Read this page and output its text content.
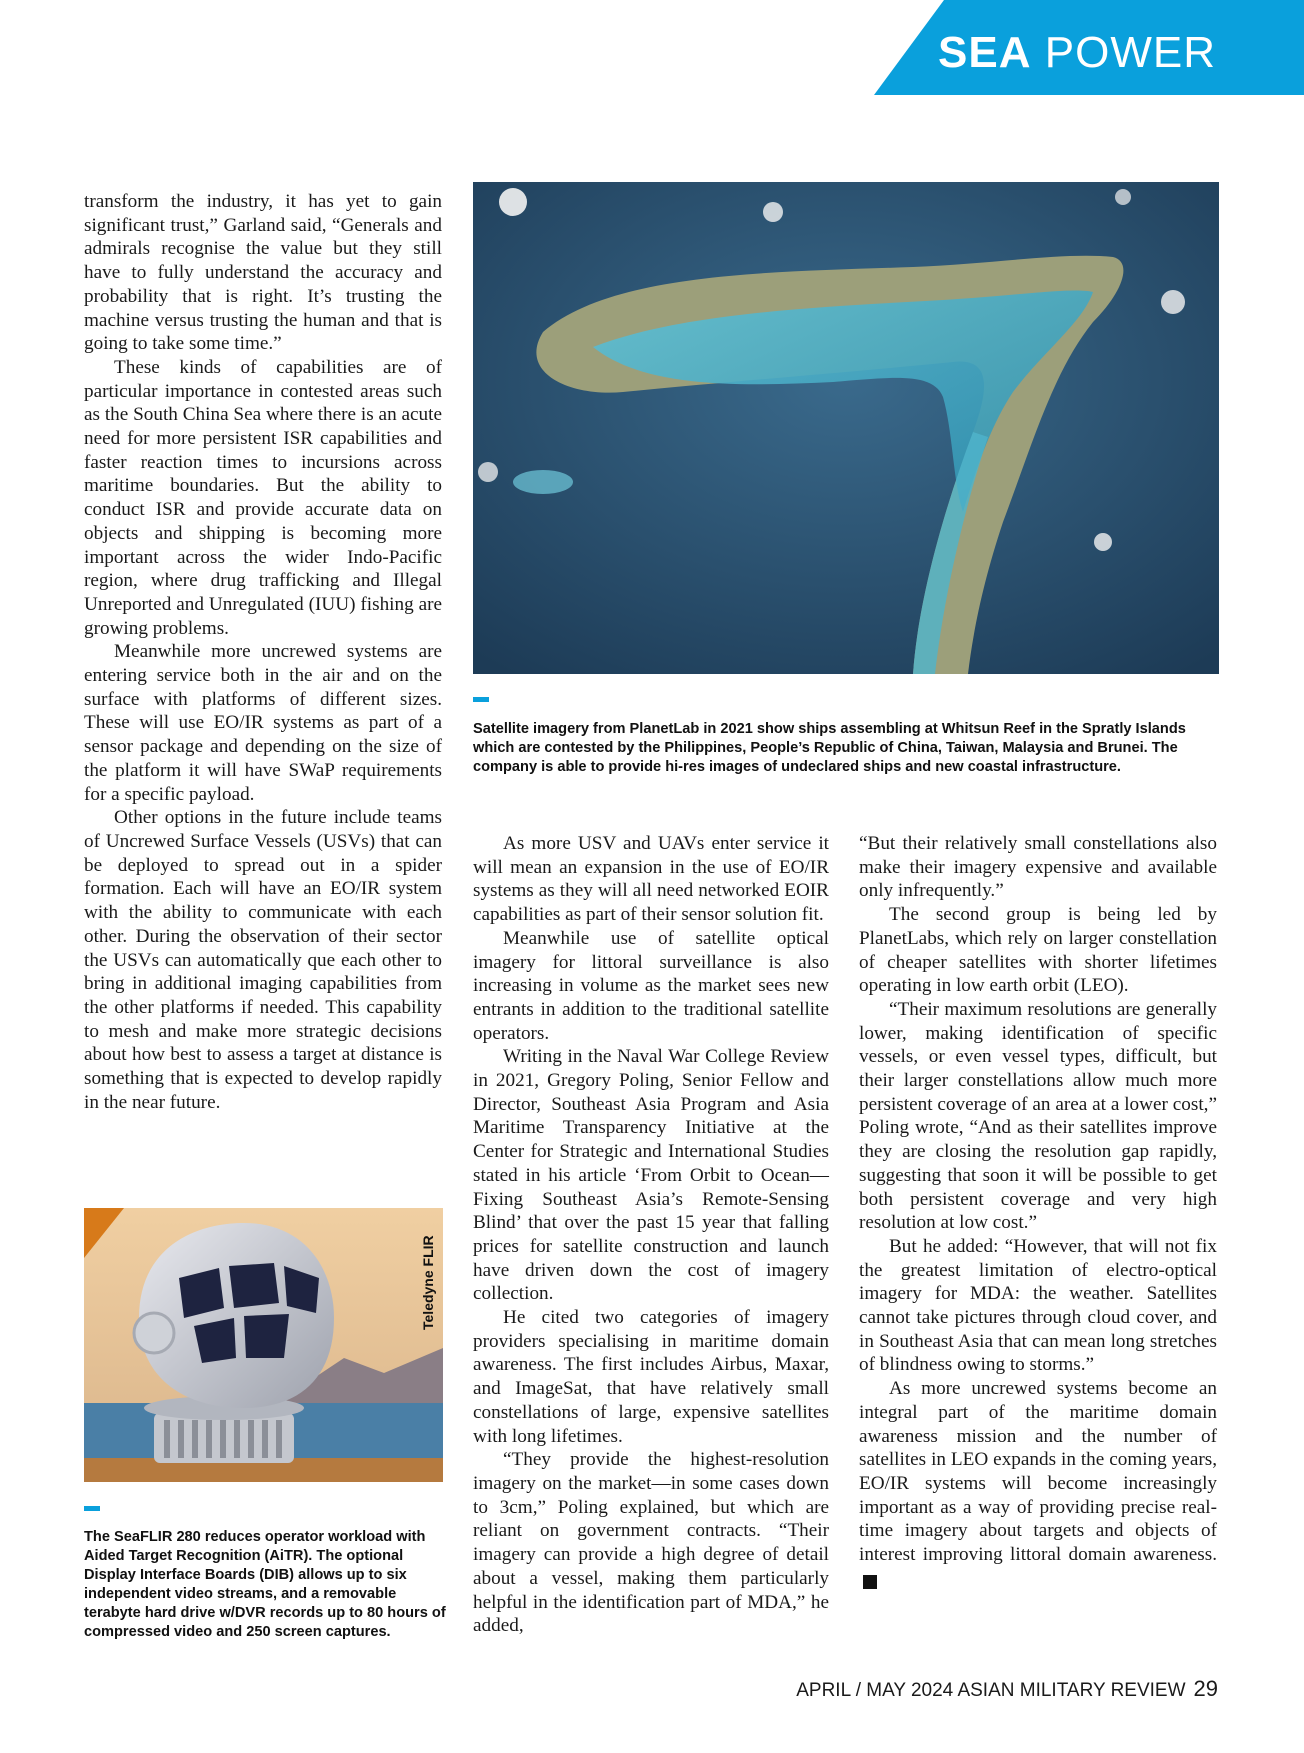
SEA POWER

transform the industry, it has yet to gain significant trust,” Garland said, “Generals and admirals recognise the value but they still have to fully understand the accuracy and probability that is right. It’s trusting the machine versus trusting the human and that is going to take some time.”

These kinds of capabilities are of particular importance in contested areas such as the South China Sea where there is an acute need for more persistent ISR capabilities and faster reaction times to incursions across maritime boundaries. But the ability to conduct ISR and provide accurate data on objects and shipping is becoming more important across the wider Indo-Pacific region, where drug trafficking and Illegal Unreported and Unregulated (IUU) fishing are growing problems.

Meanwhile more uncrewed systems are entering service both in the air and on the surface with platforms of different sizes. These will use EO/IR systems as part of a sensor package and depending on the size of the platform it will have SWaP requirements for a specific payload.

Other options in the future include teams of Uncrewed Surface Vessels (USVs) that can be deployed to spread out in a spider formation. Each will have an EO/IR system with the ability to communicate with each other. During the observation of their sector the USVs can automatically que each other to bring in additional imaging capabilities from the other platforms if needed. This capability to mesh and make more strategic decisions about how best to assess a target at distance is something that is expected to develop rapidly in the near future.

Satellite imagery from PlanetLab in 2021 show ships assembling at Whitsun Reef in the Spratly Islands which are contested by the Philippines, People’s Republic of China, Taiwan, Malaysia and Brunei. The company is able to provide hi-res images of undeclared ships and new coastal infrastructure.

As more USV and UAVs enter service it will mean an expansion in the use of EO/IR systems as they will all need networked EOIR capabilities as part of their sensor solution fit.

Meanwhile use of satellite optical imagery for littoral surveillance is also increasing in volume as the market sees new entrants in addition to the traditional satellite operators.

Writing in the Naval War College Review in 2021, Gregory Poling, Senior Fellow and Director, Southeast Asia Program and Asia Maritime Transparency Initiative at the Center for Strategic and International Studies stated in his article ‘From Orbit to Ocean—Fixing Southeast Asia’s Remote-Sensing Blind’ that over the past 15 year that falling prices for satellite construction and launch have driven down the cost of imagery collection.

He cited two categories of imagery providers specialising in maritime domain awareness. The first includes Airbus, Maxar, and ImageSat, that have relatively small constellations of large, expensive satellites with long lifetimes.

“They provide the highest-resolution imagery on the market—in some cases down to 3cm,” Poling explained, but which are reliant on government contracts. “Their imagery can provide a high degree of detail about a vessel, making them particularly helpful in the identification part of MDA,” he added,

“But their relatively small constellations also make their imagery expensive and available only infrequently.”

The second group is being led by PlanetLabs, which rely on larger constellation of cheaper satellites with shorter lifetimes operating in low earth orbit (LEO).

“Their maximum resolutions are generally lower, making identification of specific vessels, or even vessel types, difficult, but their larger constellations allow much more persistent coverage of an area at a lower cost,” Poling wrote, “And as their satellites improve they are closing the resolution gap rapidly, suggesting that soon it will be possible to get both persistent coverage and very high resolution at low cost.”

But he added: “However, that will not fix the greatest limitation of electro-optical imagery for MDA: the weather. Satellites cannot take pictures through cloud cover, and in Southeast Asia that can mean long stretches of blindness owing to storms.”

As more uncrewed systems become an integral part of the maritime domain awareness mission and the number of satellites in LEO expands in the coming years, EO/IR systems will become increasingly important as a way of providing precise real-time imagery about targets and objects of interest improving littoral domain awareness.A

Teledyne FLIR
The SeaFLIR 280 reduces operator workload with Aided Target Recognition (AiTR). The optional Display Interface Boards (DIB) allows up to six independent video streams, and a removable terabyte hard drive w/DVR records up to 80 hours of compressed video and 250 screen captures.
APRIL / MAY 2024 ASIAN MILITARY REVIEW 29
